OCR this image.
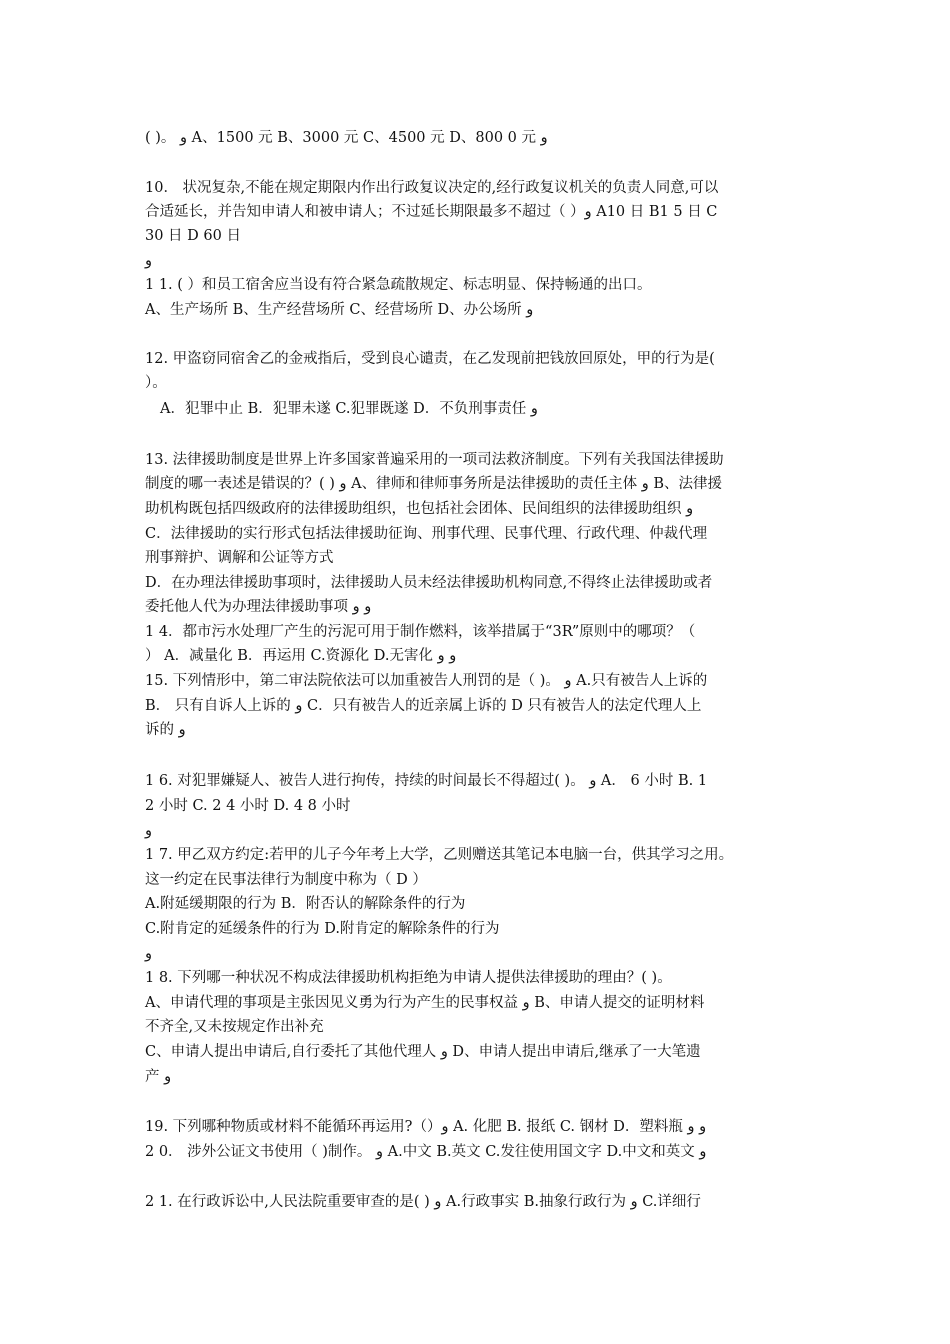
( )。 و A、1500 元 B、3000 元 C、4500 元 D、800 0 元 و
10． 状况复杂,不能在规定期限内作出行政复议决定的,经行政复议机关的负责人同意,可以
合适延长，并告知申请人和被申请人；不过延长期限最多不超过（ ）و A10 日 B1 5 日 C
30 日 D 60 日
و
1 1. ( ）和员工宿舍应当设有符合紧急疏散规定、标志明显、保持畅通的出口。
A、生产场所 B、生产经营场所 C、经营场所 D、办公场所 و
12. 甲盗窃同宿舍乙的金戒指后，受到良心谴责，在乙发现前把钱放回原处，甲的行为是(
）。
A．犯罪中止 B．犯罪未遂 C.犯罪既遂 D．不负刑事责任 و
13. 法律援助制度是世界上许多国家普遍采用的一项司法救济制度。下列有关我国法律援助
制度的哪一表述是错误的？( ) و A、律师和律师事务所是法律援助的责任主体 و B、法律援
助机构既包括四级政府的法律援助组织，也包括社会团体、民间组织的法律援助组织 و
C．法律援助的实行形式包括法律援助征询、刑事代理、民事代理、行政代理、仲裁代理
刑事辩护、调解和公证等方式
D．在办理法律援助事项时，法律援助人员未经法律援助机构同意,不得终止法律援助或者
委托他人代为办理法律援助事项 و و
1 4．都市污水处理厂产生的污泥可用于制作燃料，该举措属于“3R”原则中的哪项？（
） A．减量化 B．再运用 C.资源化 D.无害化 و و
15. 下列情形中，第二审法院依法可以加重被告人刑罚的是（ )。 و A.只有被告人上诉的
B． 只有自诉人上诉的 و C．只有被告人的近亲属上诉的 D 只有被告人的法定代理人上
诉的 و
1 6. 对犯罪嫌疑人、被告人进行拘传，持续的时间最长不得超过( )。 و A． 6 小时 B. 1
2 小时 C. 2 4 小时 D. 4 8 小时
و
1 7. 甲乙双方约定:若甲的儿子今年考上大学，乙则赠送其笔记本电脑一台，供其学习之用。
这一约定在民事法律行为制度中称为（ D ）
A.附延缓期限的行为 B．附否认的解除条件的行为
C.附肯定的延缓条件的行为 D.附肯定的解除条件的行为
و
1 8. 下列哪一种状况不构成法律援助机构拒绝为申请人提供法律援助的理由？( )。
A、申请代理的事项是主张因见义勇为行为产生的民事权益 و B、申请人提交的证明材料
不齐全,又未按规定作出补充
C、申请人提出申请后,自行委托了其他代理人 و D、申请人提出申请后,继承了一大笔遗
产 و
19. 下列哪种物质或材料不能循环再运用?（）و A. 化肥 B. 报纸 C. 钢材 D．塑料瓶 و و
2 0． 涉外公证文书使用（ )制作。 و A.中文 B.英文 C.发往使用国文字 D.中文和英文 و
2 1. 在行政诉讼中,人民法院重要审查的是( ) و A.行政事实 B.抽象行政行为 و C.详细行
